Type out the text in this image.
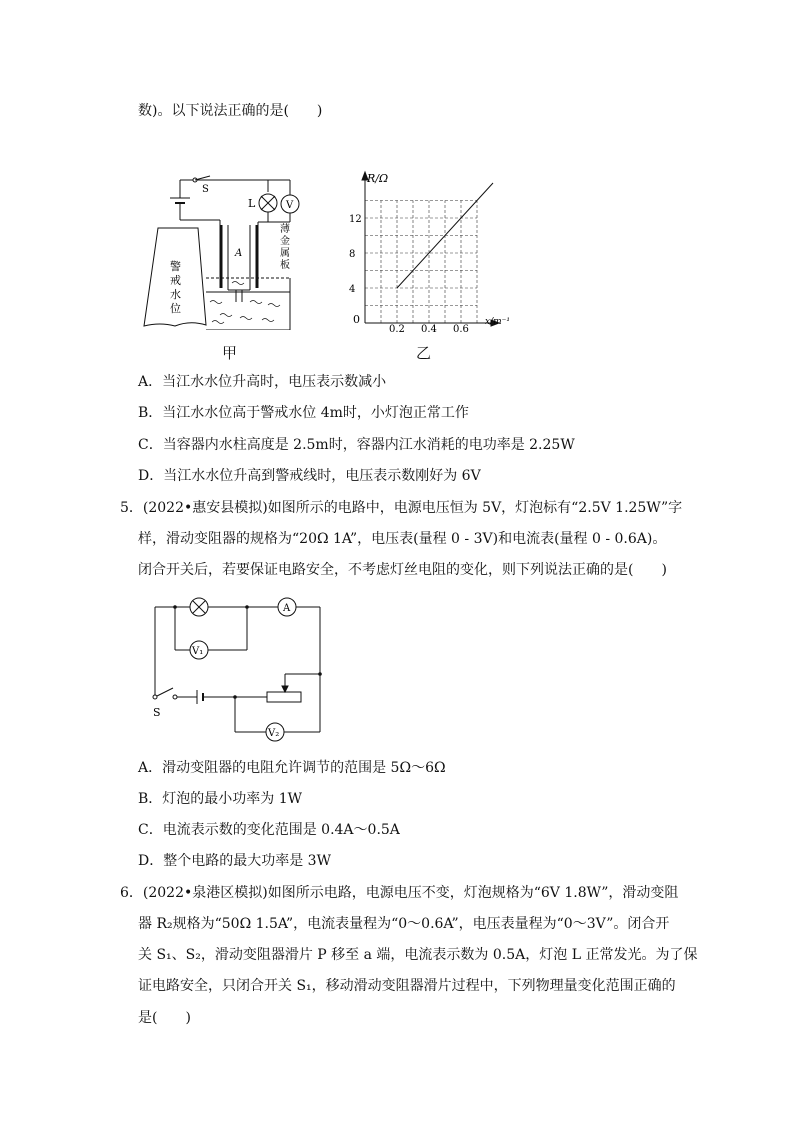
数)。以下说法正确的是(　　)
S
L	V
A
薄
金
属
板
警
戒
水
位
甲
0.2 0.4 0.6
4
8
12
R/Ω
x/m⁻¹
0
乙
A．当江水水位升高时，电压表示数减小
B．当江水水位高于警戒水位 4m时，小灯泡正常工作
C．当容器内水柱高度是 2.5m时，容器内江水消耗的电功率是 2.25W
D．当江水水位升高到警戒线时，电压表示数刚好为 6V
5．(2022•惠安县模拟)如图所示的电路中，电源电压恒为 5V，灯泡标有“2.5V 1.25W”字
样，滑动变阻器的规格为“20Ω 1A”，电压表(量程 0 - 3V)和电流表(量程 0 - 0.6A)。
闭合开关后，若要保证电路安全，不考虑灯丝电阻的变化，则下列说法正确的是(　　)
A
V₁
V₂
S
A．滑动变阻器的电阻允许调节的范围是 5Ω～6Ω
B．灯泡的最小功率为 1W
C．电流表示数的变化范围是 0.4A～0.5A
D．整个电路的最大功率是 3W
6．(2022•泉港区模拟)如图所示电路，电源电压不变，灯泡规格为“6V 1.8W”，滑动变阻
器 R₂规格为“50Ω 1.5A”，电流表量程为“0～0.6A”，电压表量程为“0～3V”。闭合开
关 S₁、S₂，滑动变阻器滑片 P 移至 a 端，电流表示数为 0.5A，灯泡 L 正常发光。为了保
证电路安全，只闭合开关 S₁，移动滑动变阻器滑片过程中，下列物理量变化范围正确的
是(　　)
